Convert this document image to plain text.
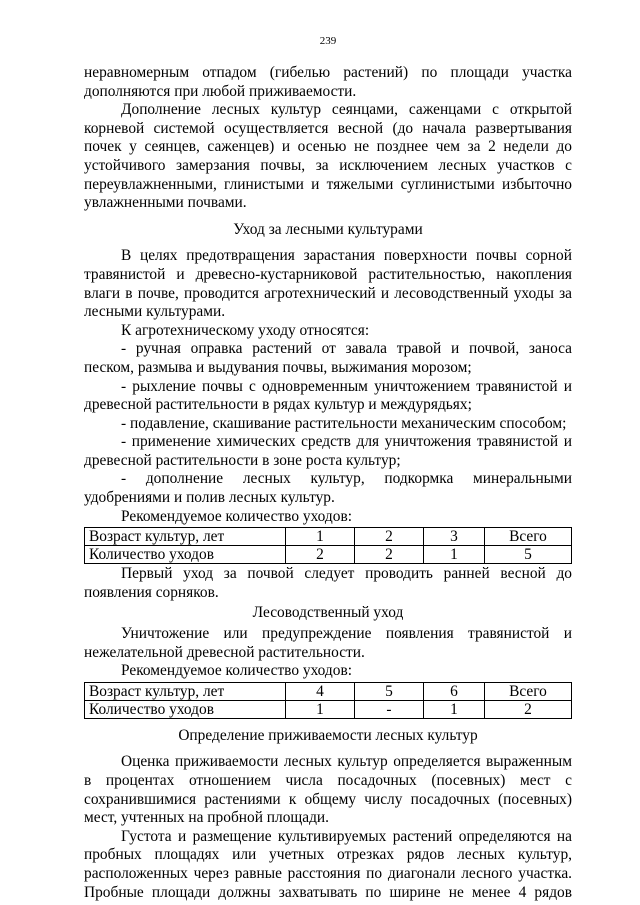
239

неравномерным отпадом (гибелью растений) по площади участка дополняются при любой приживаемости.

Дополнение лесных культур сеянцами, саженцами с открытой корневой системой осуществляется весной (до начала развертывания почек у сеянцев, саженцев) и осенью не позднее чем за 2 недели до устойчивого замерзания почвы, за исключением лесных участков с переувлажненными, глинистыми и тяжелыми суглинистыми избыточно увлажненными почвами.

Уход за лесными культурами

В целях предотвращения зарастания поверхности почвы сорной травянистой и древесно-кустарниковой растительностью, накопления влаги в почве, проводится агротехнический и лесоводственный уходы за лесными культурами.

К агротехническому уходу относятся:

- ручная оправка растений от завала травой и почвой, заноса песком, размыва и выдувания почвы, выжимания морозом;

- рыхление почвы с одновременным уничтожением травянистой и древесной растительности в рядах культур и междурядьях;

- подавление, скашивание растительности механическим способом;

- применение химических средств для уничтожения травянистой и древесной растительности в зоне роста культур;

- дополнение лесных культур, подкормка минеральными удобрениями и полив лесных культур.

Рекомендуемое количество уходов:

Возраст культур, лет	1	2	3	Всего
Количество уходов	2	2	1	5

Первый уход за почвой следует проводить ранней весной до появления сорняков.

Лесоводственный уход

Уничтожение или предупреждение появления травянистой и нежелательной древесной растительности.

Рекомендуемое количество уходов:

Возраст культур, лет	4	5	6	Всего
Количество уходов	1	-	1	2
Определение приживаемости лесных культур

Оценка приживаемости лесных культур определяется выраженным в процентах отношением числа посадочных (посевных) мест с сохранившимися растениями к общему числу посадочных (посевных) мест, учтенных на пробной площади.

Густота и размещение культивируемых растений определяются на пробных площадях или учетных отрезках рядов лесных культур, расположенных через равные расстояния по диагонали лесного участка. Пробные площади должны захватывать по ширине не менее 4 рядов
